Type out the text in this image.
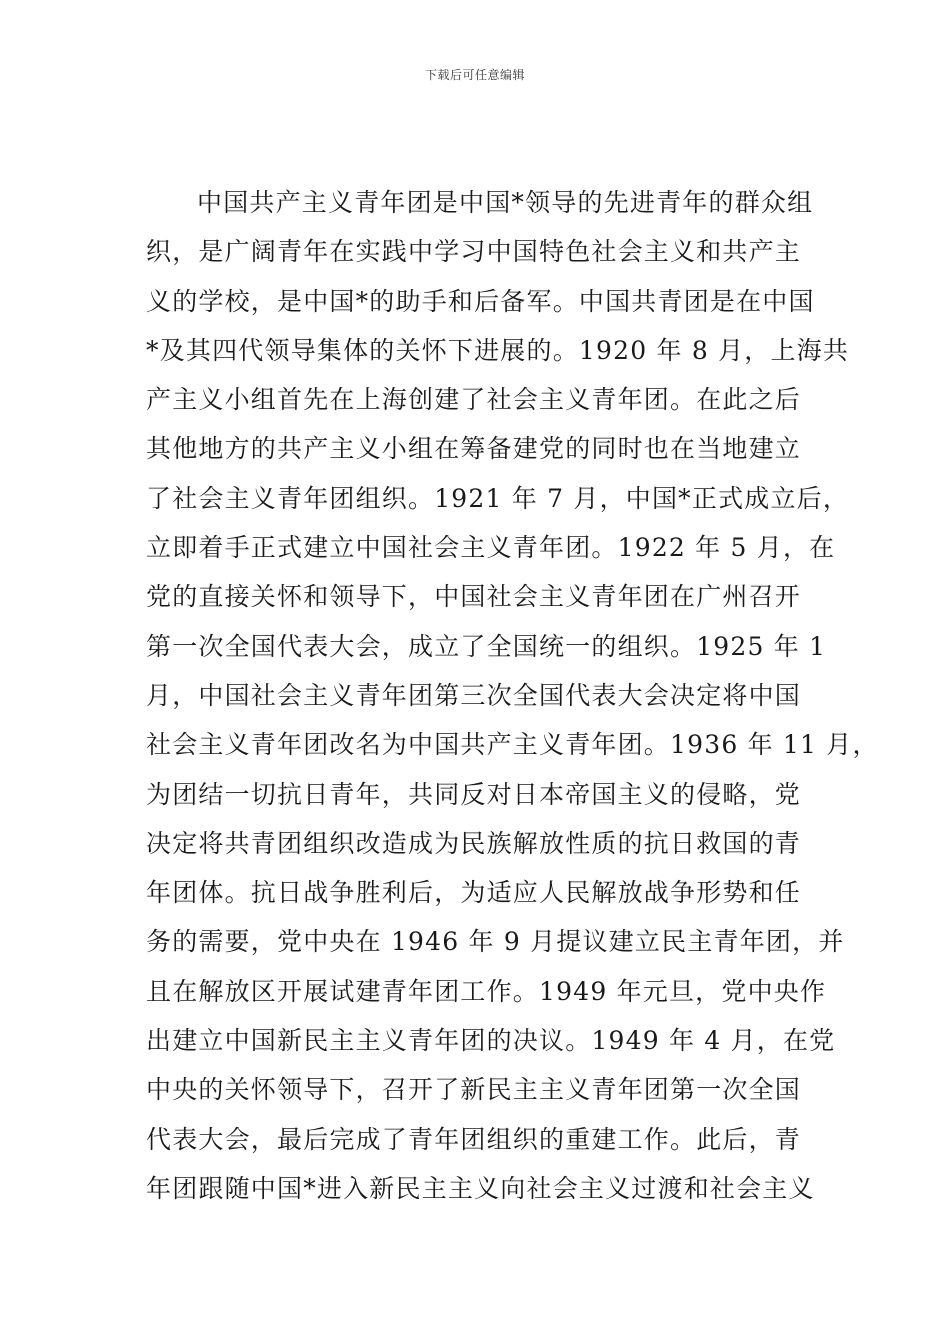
下载后可任意编辑
中国共产主义青年团是中国*领导的先进青年的群众组
织，是广阔青年在实践中学习中国特色社会主义和共产主
义的学校，是中国*的助手和后备军。中国共青团是在中国
*及其四代领导集体的关怀下进展的。1920 年 8 月，上海共
产主义小组首先在上海创建了社会主义青年团。在此之后
其他地方的共产主义小组在筹备建党的同时也在当地建立
了社会主义青年团组织。1921 年 7 月，中国*正式成立后，
立即着手正式建立中国社会主义青年团。1922 年 5 月，在
党的直接关怀和领导下，中国社会主义青年团在广州召开
第一次全国代表大会，成立了全国统一的组织。1925 年 1
月，中国社会主义青年团第三次全国代表大会决定将中国
社会主义青年团改名为中国共产主义青年团。1936 年 11 月，
为团结一切抗日青年，共同反对日本帝国主义的侵略，党
决定将共青团组织改造成为民族解放性质的抗日救国的青
年团体。抗日战争胜利后，为适应人民解放战争形势和任
务的需要，党中央在 1946 年 9 月提议建立民主青年团，并
且在解放区开展试建青年团工作。1949 年元旦，党中央作
出建立中国新民主主义青年团的决议。1949 年 4 月，在党
中央的关怀领导下，召开了新民主主义青年团第一次全国
代表大会，最后完成了青年团组织的重建工作。此后，青
年团跟随中国*进入新民主主义向社会主义过渡和社会主义
